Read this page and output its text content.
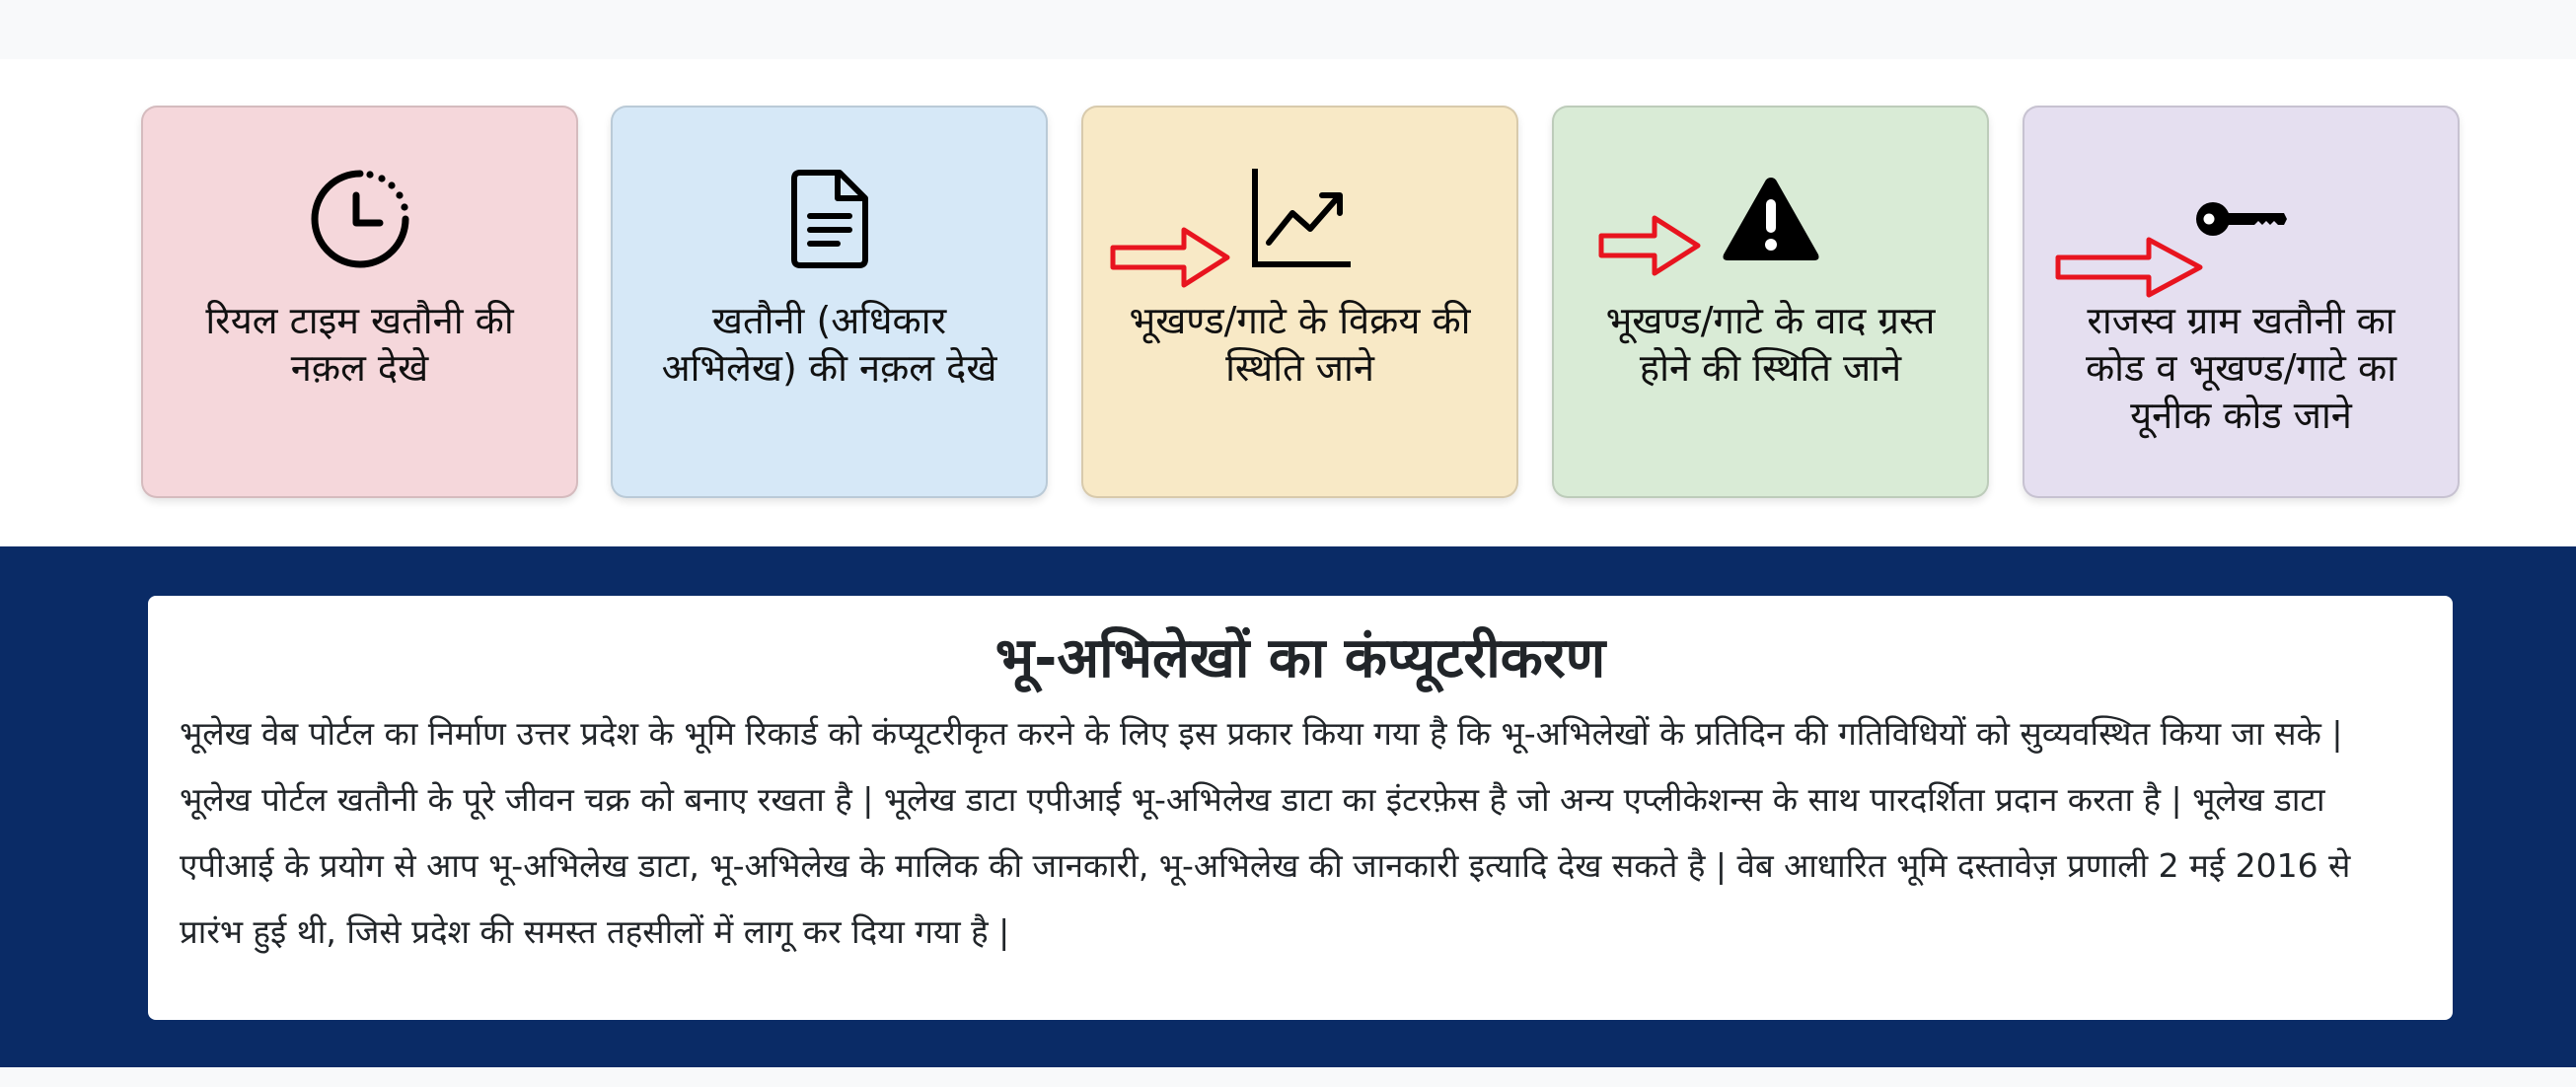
रियल टाइम खतौनी की नक़ल देखे
खतौनी (अधिकार अभिलेख) की नक़ल देखे
भूखण्ड/गाटे के विक्रय की स्थिति जाने
भूखण्ड/गाटे के वाद ग्रस्त होने की स्थिति जाने
राजस्व ग्राम खतौनी का कोड व भूखण्ड/गाटे का यूनीक कोड जाने
भू-अभिलेखों का कंप्यूटरीकरण

भूलेख वेब पोर्टल का निर्माण उत्तर प्रदेश के भूमि रिकार्ड को कंप्यूटरीकृत करने के लिए इस प्रकार किया गया है कि भू-अभिलेखों के प्रतिदिन की गतिविधियों को सुव्यवस्थित किया जा सके | भूलेख पोर्टल खतौनी के पूरे जीवन चक्र को बनाए रखता है | भूलेख डाटा एपीआई भू-अभिलेख डाटा का इंटरफ़ेस है जो अन्य एप्लीकेशन्स के साथ पारदर्शिता प्रदान करता है | भूलेख डाटा एपीआई के प्रयोग से आप भू-अभिलेख डाटा, भू-अभिलेख के मालिक की जानकारी, भू-अभिलेख की जानकारी इत्यादि देख सकते है | वेब आधारित भूमि दस्तावेज़ प्रणाली 2 मई 2016 से प्रारंभ हुई थी, जिसे प्रदेश की समस्त तहसीलों में लागू कर दिया गया है |
